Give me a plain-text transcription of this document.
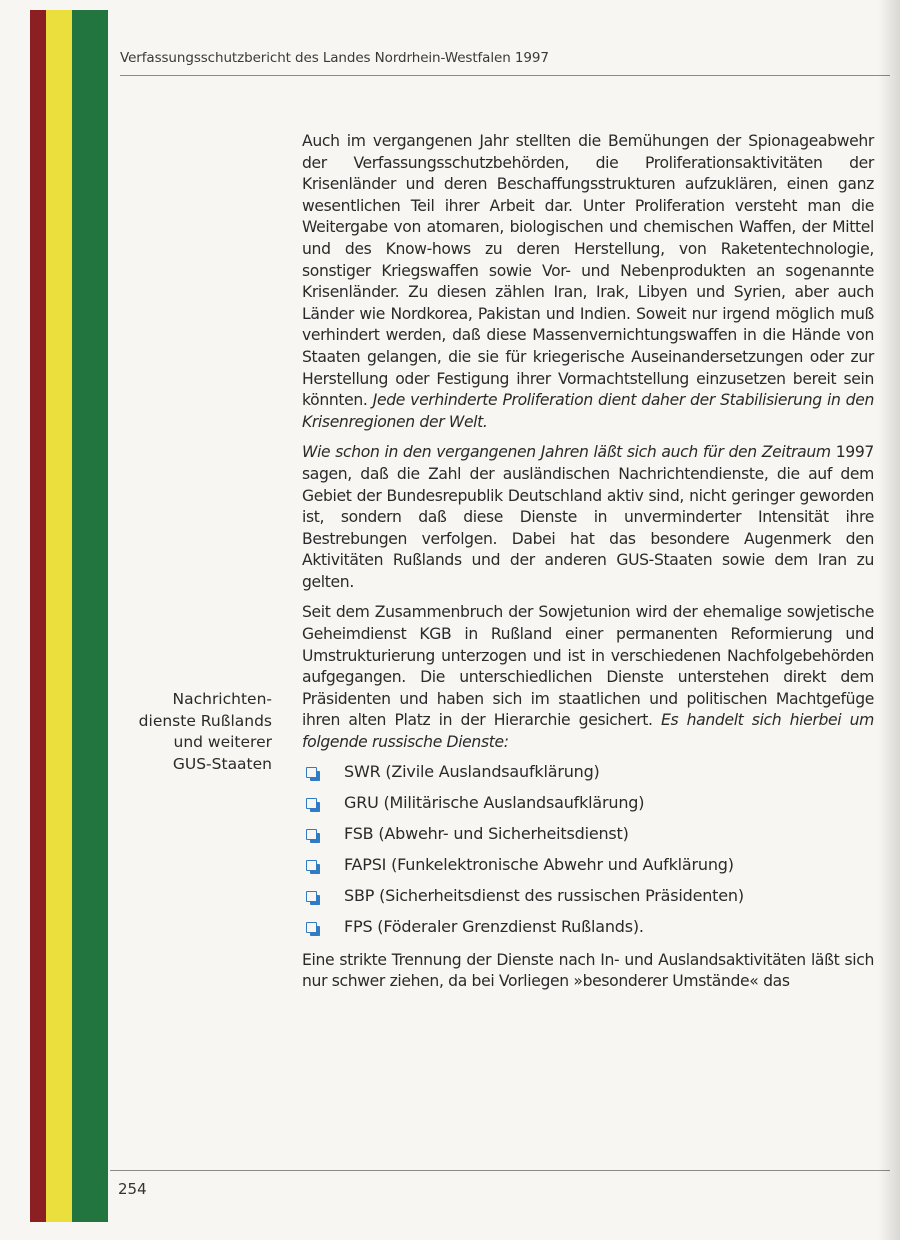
Verfassungsschutzbericht des Landes Nordrhein-Westfalen 1997
Nachrichten-
dienste Rußlands
und weiterer
GUS-Staaten

Auch im vergangenen Jahr stellten die Bemühungen der Spionageabwehr der Verfassungsschutzbehörden, die Proliferationsaktivitäten der Krisenländer und deren Beschaffungsstrukturen aufzuklären, einen ganz wesentlichen Teil ihrer Arbeit dar. Unter Proliferation versteht man die Weitergabe von atomaren, biologischen und chemischen Waffen, der Mittel und des Know-hows zu deren Herstellung, von Raketentechnologie, sonstiger Kriegswaffen sowie Vor- und Nebenprodukten an sogenannte Krisenländer. Zu diesen zählen Iran, Irak, Libyen und Syrien, aber auch Länder wie Nordkorea, Pakistan und Indien. Soweit nur irgend möglich muß verhindert werden, daß diese Massenvernichtungswaffen in die Hände von Staaten gelangen, die sie für kriegerische Auseinandersetzungen oder zur Herstellung oder Festigung ihrer Vormachtstellung einzusetzen bereit sein könnten. Jede verhinderte Proliferation dient daher der Stabilisierung in den Krisenregionen der Welt.

Wie schon in den vergangenen Jahren läßt sich auch für den Zeitraum 1997 sagen, daß die Zahl der ausländischen Nachrichtendienste, die auf dem Gebiet der Bundesrepublik Deutschland aktiv sind, nicht geringer geworden ist, sondern daß diese Dienste in unverminderter Intensität ihre Bestrebungen verfolgen. Dabei hat das besondere Augenmerk den Aktivitäten Rußlands und der anderen GUS-Staaten sowie dem Iran zu gelten.

Seit dem Zusammenbruch der Sowjetunion wird der ehemalige sowjetische Geheimdienst KGB in Rußland einer permanenten Reformierung und Umstrukturierung unterzogen und ist in verschiedenen Nachfolgebehörden aufgegangen. Die unterschiedlichen Dienste unterstehen direkt dem Präsidenten und haben sich im staatlichen und politischen Machtgefüge ihren alten Platz in der Hierarchie gesichert. Es handelt sich hierbei um folgende russische Dienste:

SWR (Zivile Auslandsaufklärung)
GRU (Militärische Auslandsaufklärung)
FSB (Abwehr- und Sicherheitsdienst)
FAPSI (Funkelektronische Abwehr und Aufklärung)
SBP (Sicherheitsdienst des russischen Präsidenten)
FPS (Föderaler Grenzdienst Rußlands).

Eine strikte Trennung der Dienste nach In- und Auslandsaktivitäten läßt sich nur schwer ziehen, da bei Vorliegen »besonderer Umstände« das

254
